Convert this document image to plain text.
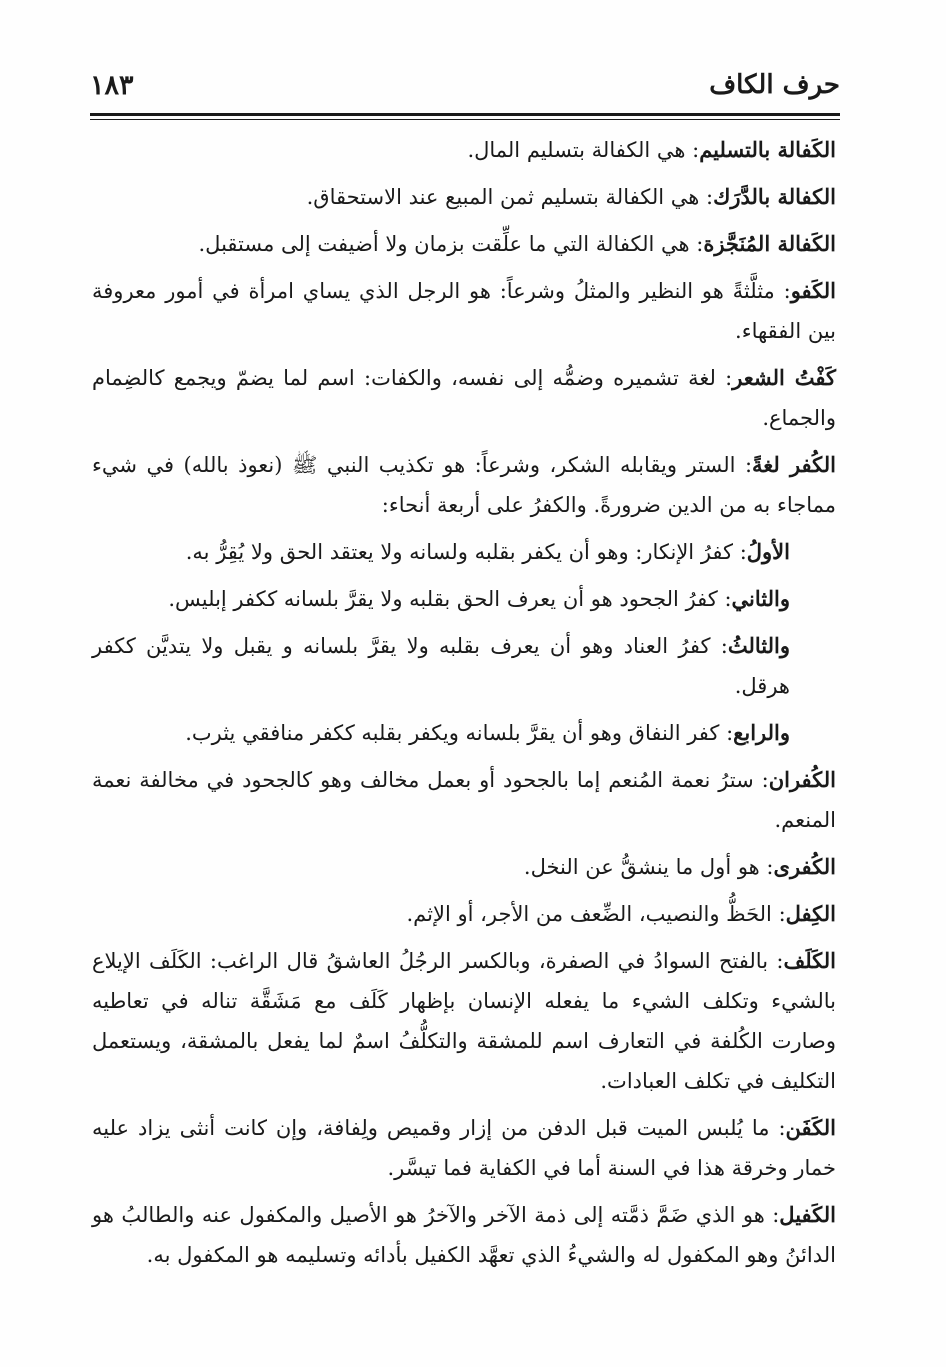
١٨٣	حرف الكاف

الكَفالة بالتسليم: هي الكفالة بتسليم المال.

الكفالة بالدَّرَك: هي الكفالة بتسليم ثمن المبيع عند الاستحقاق.

الكَفالة المُنَجَّزة: هي الكفالة التي ما علِّقت بزمان ولا أضيفت إلى مستقبل.

الكَفو: مثلَّثةً هو النظير والمثلُ وشرعاً: هو الرجل الذي يساي امرأة في أمور معروفة بين الفقهاء.

كَفْتُ الشعر: لغة تشميره وضمُّه إلى نفسه، والكفات: اسم لما يضمّ ويجمع كالضِمام والجماع.

الكُفر لغةً: الستر ويقابله الشكر، وشرعاً: هو تكذيب النبي ﷺ (نعوذ بالله) في شيء مماجاء به من الدين ضرورةً. والكفرُ على أربعة أنحاء:

الأولُ: كفرُ الإنكار: وهو أن يكفر بقلبه ولسانه ولا يعتقد الحق ولا يُقِرُّ به.

والثاني: كفرُ الجحود هو أن يعرف الحق بقلبه ولا يقرَّ بلسانه ككفر إبليس.

والثالثُ: كفرُ العناد وهو أن يعرف بقلبه ولا يقرَّ بلسانه و يقبل ولا يتديَّن ككفر هرقل.

والرابع: كفر النفاق وهو أن يقرَّ بلسانه ويكفر بقلبه ككفر منافقي يثرب.

الكُفران: سترُ نعمة المُنعم إما بالجحود أو بعمل مخالف وهو كالجحود في مخالفة نعمة المنعم.

الكُفرى: هو أول ما ينشقُّ عن النخل.

الكِفل: الحَظُّ والنصيب، الضِّعف من الأجر، أو الإثم.

الكَلَف: بالفتح السوادُ في الصفرة، وبالكسر الرجُلُ العاشقُ قال الراغب: الكَلَف الإيلاع بالشيء وتكلف الشيء ما يفعله الإنسان بإظهار كَلَف مع مَشَقَّة تناله في تعاطيه وصارت الكُلفة في التعارف اسم للمشقة والتكلُّفُ اسمٌ لما يفعل بالمشقة، ويستعمل التكليف في تكلف العبادات.

الكَفَن: ما يُلبس الميت قبل الدفن من إزار وقميص ولِفافة، وإن كانت أنثى يزاد عليه خمار وخرقة هذا في السنة أما في الكفاية فما تيسَّر.

الكَفيل: هو الذي ضَمَّ ذمَّته إلى ذمة الآخر والآخرُ هو الأصيل والمكفول عنه والطالبُ هو الدائنُ وهو المكفول له والشيءُ الذي تعهَّد الكفيل بأدائه وتسليمه هو المكفول به.
